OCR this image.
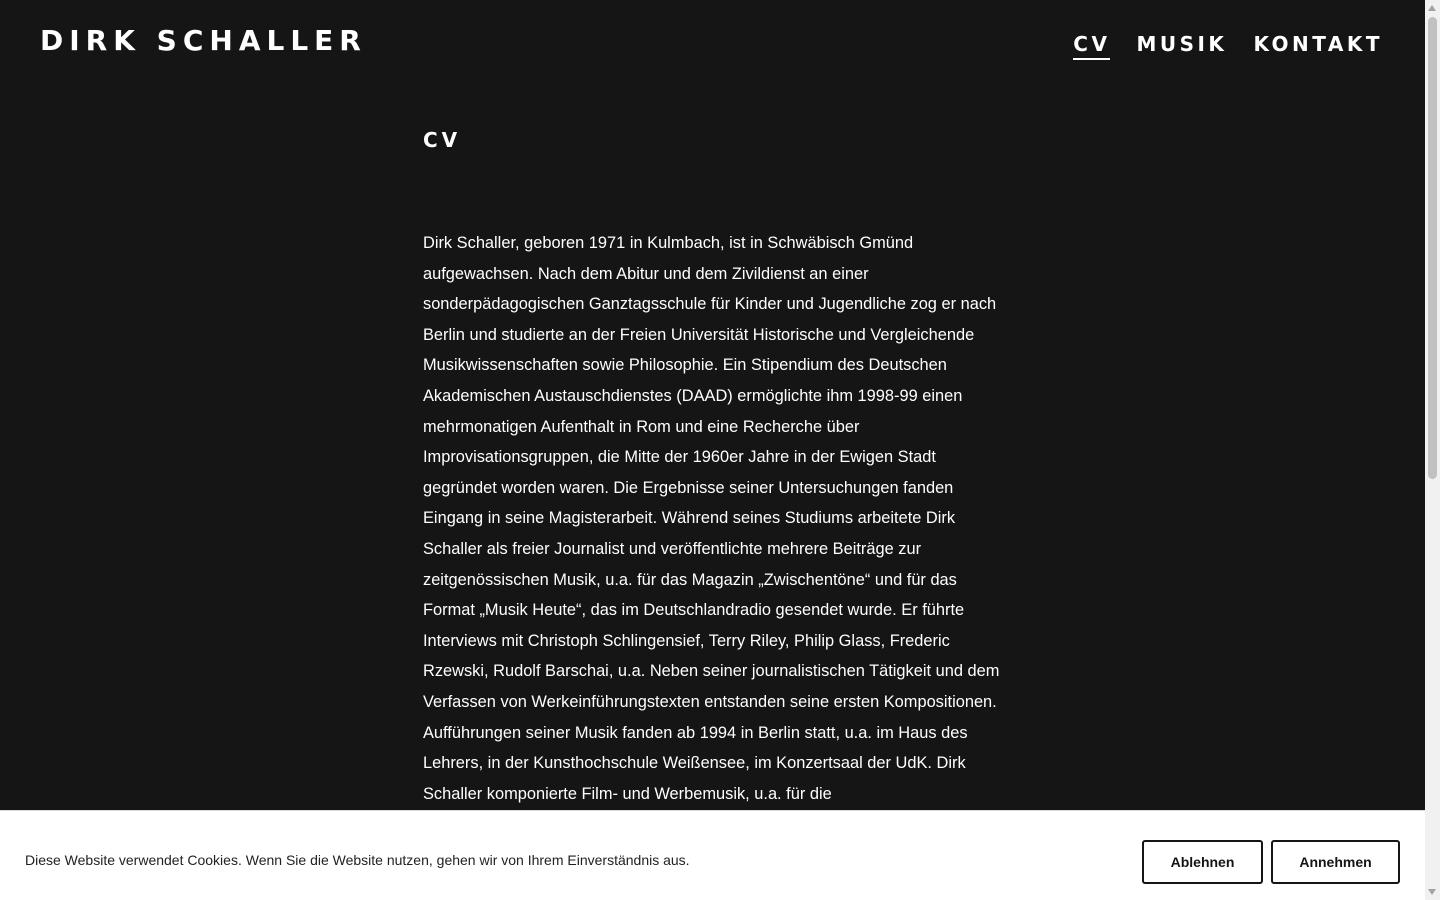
DIRK SCHALLER	CV MUSIK KONTAKT
CV

Dirk Schaller, geboren 1971 in Kulmbach, ist in Schwäbisch Gmünd aufgewachsen. Nach dem Abitur und dem Zivildienst an einer sonderpädagogischen Ganztagsschule für Kinder und Jugendliche zog er nach Berlin und studierte an der Freien Universität Historische und Vergleichende Musikwissenschaften sowie Philosophie. Ein Stipendium des Deutschen Akademischen Austauschdienstes (DAAD) ermöglichte ihm 1998-99 einen mehrmonatigen Aufenthalt in Rom und eine Recherche über Improvisationsgruppen, die Mitte der 1960er Jahre in der Ewigen Stadt gegründet worden waren. Die Ergebnisse seiner Untersuchungen fanden Eingang in seine Magisterarbeit. Während seines Studiums arbeitete Dirk Schaller als freier Journalist und veröffentlichte mehrere Beiträge zur zeitgenössischen Musik, u.a. für das Magazin „Zwischentöne“ und für das Format „Musik Heute“, das im Deutschlandradio gesendet wurde. Er führte Interviews mit Christoph Schlingensief, Terry Riley, Philip Glass, Frederic Rzewski, Rudolf Barschai, u.a. Neben seiner journalistischen Tätigkeit und dem Verfassen von Werkeinführungstexten entstanden seine ersten Kompositionen. Aufführungen seiner Musik fanden ab 1994 in Berlin statt, u.a. im Haus des Lehrers, in der Kunsthochschule Weißensee, im Konzertsaal der UdK. Dirk Schaller komponierte Film- und Werbemusik, u.a. für die

Diese Website verwendet Cookies. Wenn Sie die Website nutzen, gehen wir von Ihrem Einverständnis aus.	Ablehnen	Annehmen
